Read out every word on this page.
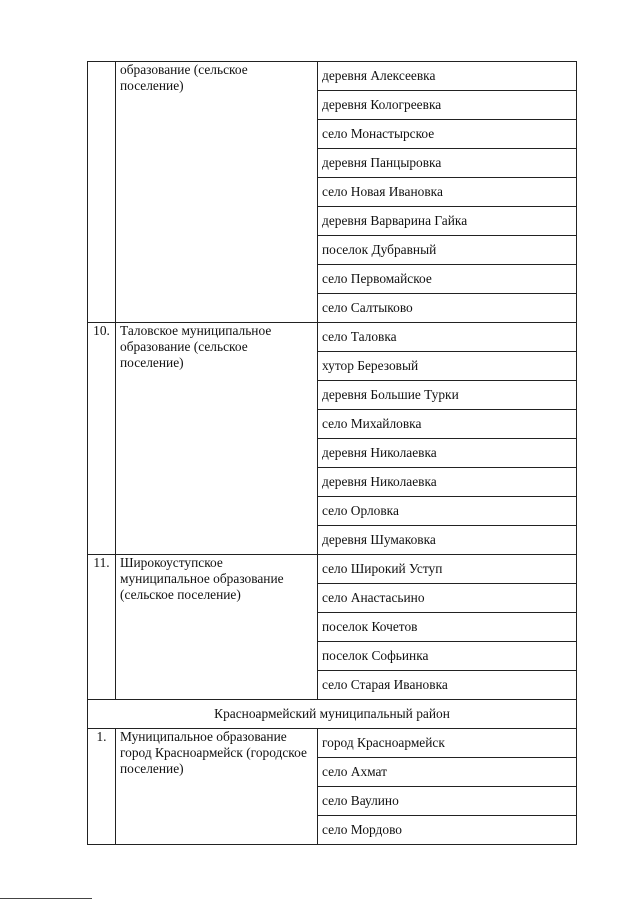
	образование (сельское поселение)	деревня Алексеевка
		деревня Кологреевка
		село Монастырское
		деревня Панцыровка
		село Новая Ивановка
		деревня Варварина Гайка
		поселок Дубравный
		село Первомайское
		село Салтыково
10.	Таловское муниципальное образование (сельское поселение)	село Таловка
		хутор Березовый
		деревня Большие Турки
		село Михайловка
		деревня Николаевка
		деревня Николаевка
		село Орловка
		деревня Шумаковка
11.	Широкоуступское муниципальное образование (сельское поселение)	село Широкий Уступ
		село Анастасьино
		поселок Кочетов
		поселок Софьинка
		село Старая Ивановка
Красноармейский муниципальный район		
1.	Муниципальное образование город Красноармейск (городское поселение)	город Красноармейск
		село Ахмат
		село Ваулино
		село Мордово
